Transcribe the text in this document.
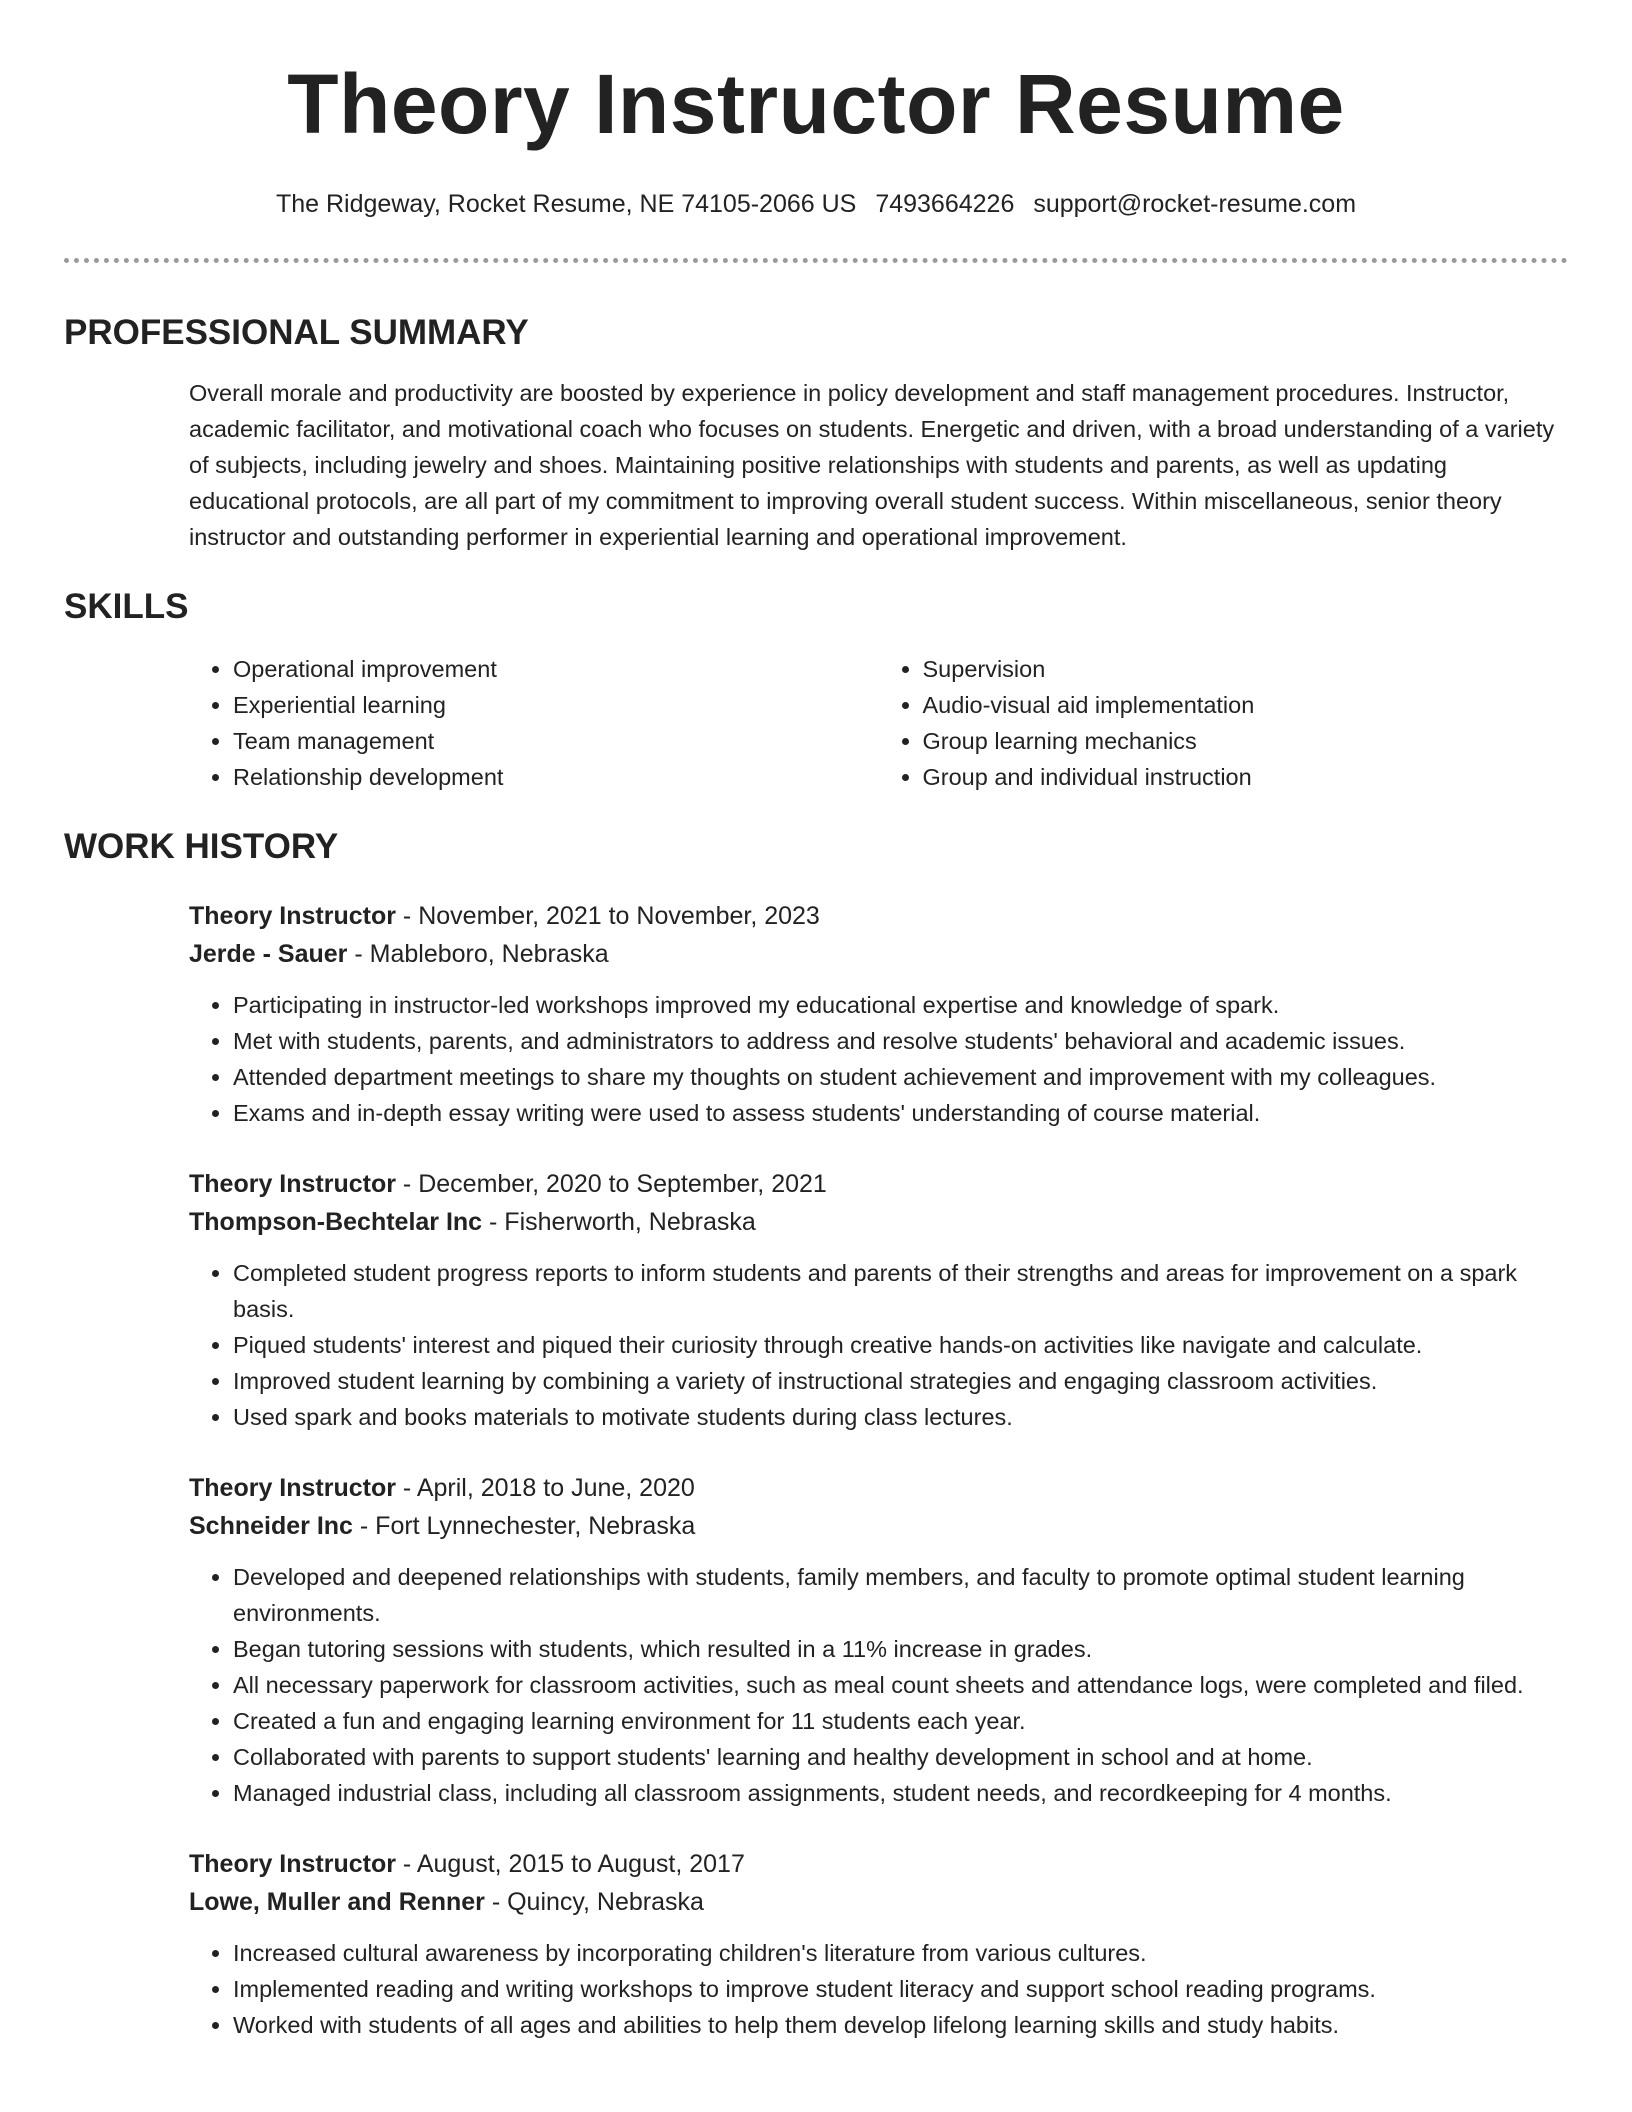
Theory Instructor Resume
The Ridgeway, Rocket Resume, NE 74105-2066 US 7493664226 support@rocket-resume.com
PROFESSIONAL SUMMARY

Overall morale and productivity are boosted by experience in policy development and staff management procedures. Instructor, academic facilitator, and motivational coach who focuses on students. Energetic and driven, with a broad understanding of a variety of subjects, including jewelry and shoes. Maintaining positive relationships with students and parents, as well as updating educational protocols, are all part of my commitment to improving overall student success. Within miscellaneous, senior theory instructor and outstanding performer in experiential learning and operational improvement.

SKILLS
• Operational improvement
• Experiential learning
• Team management
• Relationship development
• Supervision
• Audio-visual aid implementation
• Group learning mechanics
• Group and individual instruction
WORK HISTORY
Theory Instructor - November, 2021 to November, 2023
Jerde - Sauer - Mableboro, Nebraska
• Participating in instructor-led workshops improved my educational expertise and knowledge of spark.
• Met with students, parents, and administrators to address and resolve students' behavioral and academic issues.
• Attended department meetings to share my thoughts on student achievement and improvement with my colleagues.
• Exams and in-depth essay writing were used to assess students' understanding of course material.
Theory Instructor - December, 2020 to September, 2021
Thompson-Bechtelar Inc - Fisherworth, Nebraska
• Completed student progress reports to inform students and parents of their strengths and areas for improvement on a spark basis.
• Piqued students' interest and piqued their curiosity through creative hands-on activities like navigate and calculate.
• Improved student learning by combining a variety of instructional strategies and engaging classroom activities.
• Used spark and books materials to motivate students during class lectures.
Theory Instructor - April, 2018 to June, 2020
Schneider Inc - Fort Lynnechester, Nebraska
• Developed and deepened relationships with students, family members, and faculty to promote optimal student learning environments.
• Began tutoring sessions with students, which resulted in a 11% increase in grades.
• All necessary paperwork for classroom activities, such as meal count sheets and attendance logs, were completed and filed.
• Created a fun and engaging learning environment for 11 students each year.
• Collaborated with parents to support students' learning and healthy development in school and at home.
• Managed industrial class, including all classroom assignments, student needs, and recordkeeping for 4 months.
Theory Instructor - August, 2015 to August, 2017
Lowe, Muller and Renner - Quincy, Nebraska
• Increased cultural awareness by incorporating children's literature from various cultures.
• Implemented reading and writing workshops to improve student literacy and support school reading programs.
• Worked with students of all ages and abilities to help them develop lifelong learning skills and study habits.
